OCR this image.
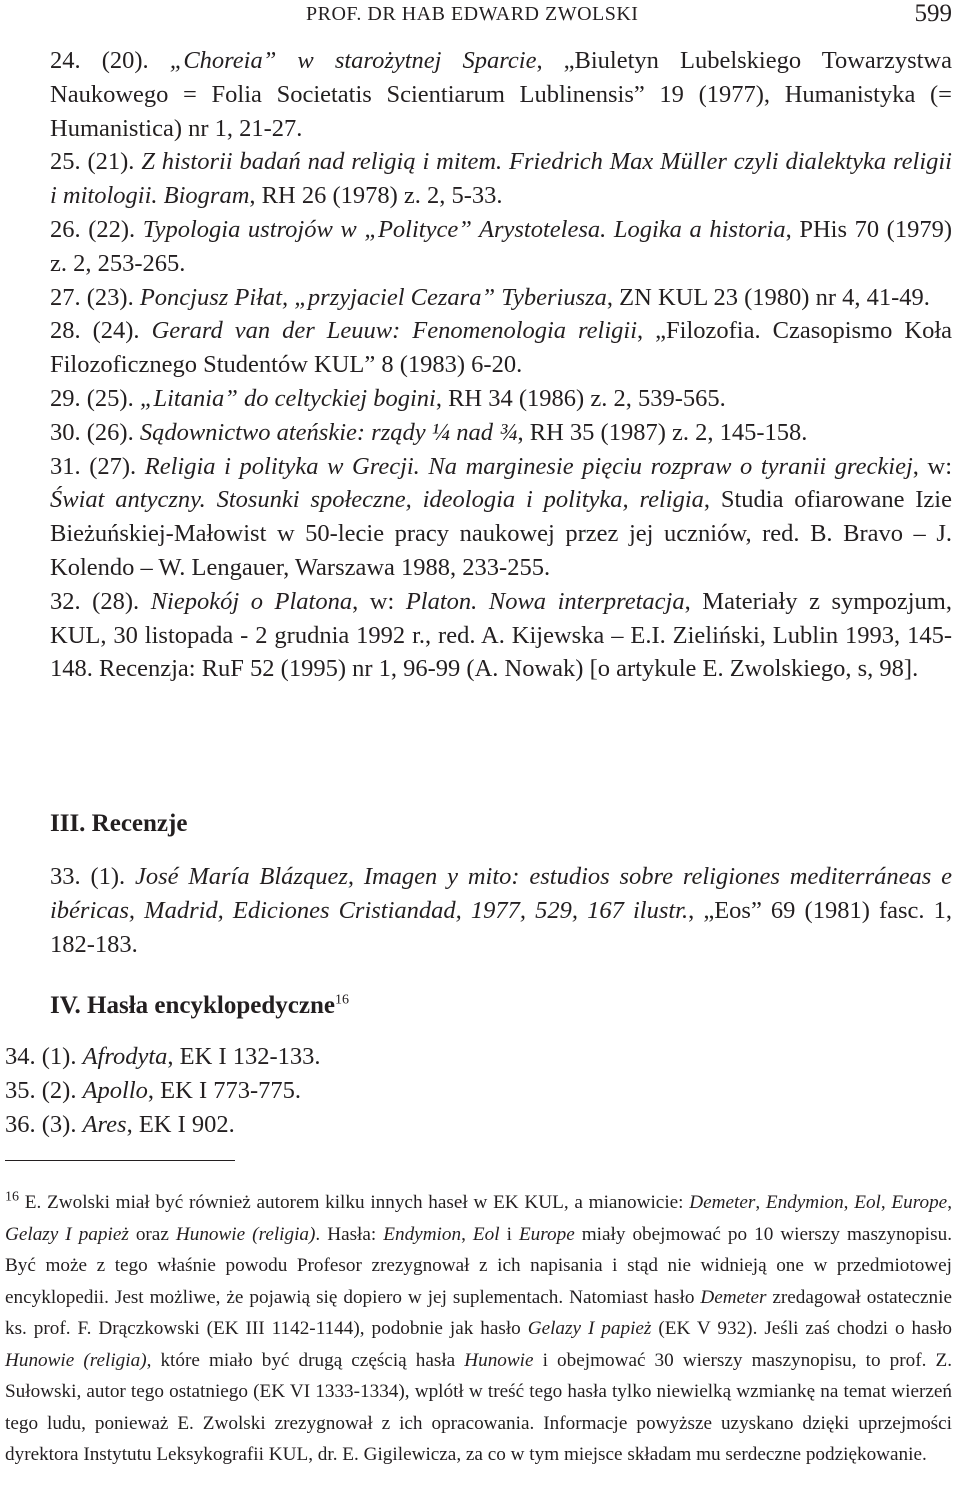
PROF. DR HAB EDWARD ZWOLSKI	599

24. (20). „Choreia” w starożytnej Sparcie, „Biuletyn Lubelskiego Towarzystwa Naukowego = Folia Societatis Scientiarum Lublinensis” 19 (1977), Humanistyka (= Humanistica) nr 1, 21-27.

25. (21). Z historii badań nad religią i mitem. Friedrich Max Müller czyli dialektyka religii i mitologii. Biogram, RH 26 (1978) z. 2, 5-33.

26. (22). Typologia ustrojów w „Polityce” Arystotelesa. Logika a historia, PHis 70 (1979) z. 2, 253-265.

27. (23). Poncjusz Piłat, „przyjaciel Cezara” Tyberiusza, ZN KUL 23 (1980) nr 4, 41-49.

28. (24). Gerard van der Leuuw: Fenomenologia religii, „Filozofia. Czasopismo Koła Filozoficznego Studentów KUL” 8 (1983) 6-20.

29. (25). „Litania” do celtyckiej bogini, RH 34 (1986) z. 2, 539-565.

30. (26). Sądownictwo ateńskie: rządy ¼ nad ¾, RH 35 (1987) z. 2, 145-158.

31. (27). Religia i polityka w Grecji. Na marginesie pięciu rozpraw o tyranii greckiej, w: Świat antyczny. Stosunki społeczne, ideologia i polityka, religia, Studia ofiarowane Izie Bieżuńskiej-Małowist w 50-lecie pracy naukowej przez jej uczniów, red. B. Bravo – J. Kolendo – W. Lengauer, Warszawa 1988, 233-255.

32. (28). Niepokój o Platona, w: Platon. Nowa interpretacja, Materiały z sympozjum, KUL, 30 listopada - 2 grudnia 1992 r., red. A. Kijewska – E.I. Zieliński, Lublin 1993, 145-148. Recenzja: RuF 52 (1995) nr 1, 96-99 (A. Nowak) [o artykule E. Zwolskiego, s, 98].

III. Recenzje

33. (1). José María Blázquez, Imagen y mito: estudios sobre religiones mediterráneas e ibéricas, Madrid, Ediciones Cristiandad, 1977, 529, 167 ilustr., „Eos” 69 (1981) fasc. 1, 182-183.

IV. Hasła encyklopedyczne$^{16}$

34. (1). Afrodyta, EK I 132-133.

35. (2). Apollo, EK I 773-775.

36. (3). Ares, EK I 902.

$^{16}$ E. Zwolski miał być również autorem kilku innych haseł w EK KUL, a mianowicie: Demeter, Endymion, Eol, Europe, Gelazy I papież oraz Hunowie (religia). Hasła: Endymion, Eol i Europe miały obejmować po 10 wierszy maszynopisu. Być może z tego właśnie powodu Profesor zrezygnował z ich napisania i stąd nie widnieją one w przedmiotowej encyklopedii. Jest możliwe, że pojawią się dopiero w jej suplementach. Natomiast hasło Demeter zredagował ostatecznie ks. prof. F. Drączkowski (EK III 1142-1144), podobnie jak hasło Gelazy I papież (EK V 932). Jeśli zaś chodzi o hasło Hunowie (religia), które miało być drugą częścią hasła Hunowie i obejmować 30 wierszy maszynopisu, to prof. Z. Sułowski, autor tego ostatniego (EK VI 1333-1334), wplótł w treść tego hasła tylko niewielką wzmiankę na temat wierzeń tego ludu, ponieważ E. Zwolski zrezygnował z ich opracowania. Informacje powyższe uzyskano dzięki uprzejmości dyrektora Instytutu Leksykografii KUL, dr. E. Gigilewicza, za co w tym miejsce składam mu serdeczne podziękowanie.
